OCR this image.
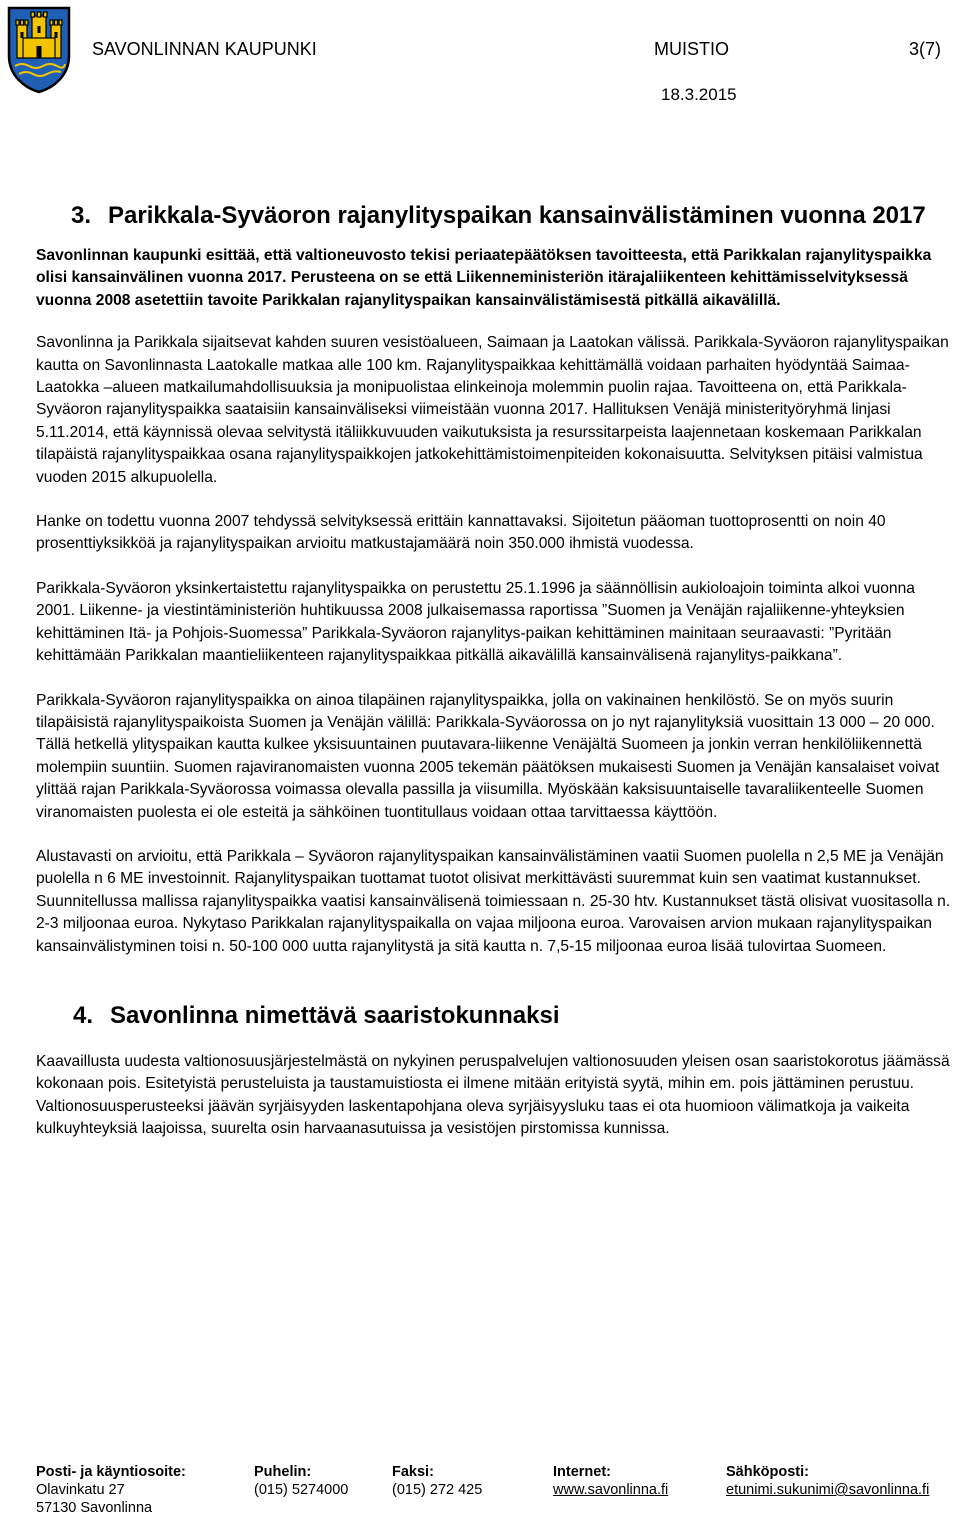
SAVONLINNAN KAUPUNKI	MUISTIO	3(7)
18.3.2015
3. Parikkala-Syväoron rajanylityspaikan kansainvälistäminen vuonna 2017

Savonlinnan kaupunki esittää, että valtioneuvosto tekisi periaatepäätöksen tavoitteesta, että Parikkalan rajanylityspaikka olisi kansainvälinen vuonna 2017. Perusteena on se että Liikenneministeriön itärajaliikenteen kehittämisselvityksessä vuonna 2008 asetettiin tavoite Parikkalan rajanylityspaikan kansainvälistämisestä pitkällä aikavälillä.

Savonlinna ja Parikkala sijaitsevat kahden suuren vesistöalueen, Saimaan ja Laatokan välissä. Parikkala-Syväoron rajanylityspaikan kautta on Savonlinnasta Laatokalle matkaa alle 100 km. Rajanylityspaikkaa kehittämällä voidaan parhaiten hyödyntää Saimaa-Laatokka –alueen matkailumahdollisuuksia ja monipuolistaa elinkeinoja molemmin puolin rajaa. Tavoitteena on, että Parikkala-Syväoron rajanylityspaikka saataisiin kansainväliseksi viimeistään vuonna 2017. Hallituksen Venäjä ministerityöryhmä linjasi 5.11.2014, että käynnissä olevaa selvitystä itäliikkuvuuden vaikutuksista ja resurssitarpeista laajennetaan koskemaan Parikkalan tilapäistä rajanylityspaikkaa osana rajanylityspaikkojen jatkokehittämistoimenpiteiden kokonaisuutta. Selvityksen pitäisi valmistua vuoden 2015 alkupuolella.

Hanke on todettu vuonna 2007 tehdyssä selvityksessä erittäin kannattavaksi. Sijoitetun pääoman tuottoprosentti on noin 40 prosenttiyksikköä ja rajanylityspaikan arvioitu matkustajamäärä noin 350.000 ihmistä vuodessa.

Parikkala-Syväoron yksinkertaistettu rajanylityspaikka on perustettu 25.1.1996 ja säännöllisin aukioloajoin toiminta alkoi vuonna 2001. Liikenne- ja viestintäministeriön huhtikuussa 2008 julkaisemassa raportissa ”Suomen ja Venäjän rajaliikenne-yhteyksien kehittäminen Itä- ja Pohjois-Suomessa” Parikkala-Syväoron rajanylitys-paikan kehittäminen mainitaan seuraavasti: ”Pyritään kehittämään Parikkalan maantieliikenteen rajanylityspaikkaa pitkällä aikavälillä kansainvälisenä rajanylitys-paikkana”.

Parikkala-Syväoron rajanylityspaikka on ainoa tilapäinen rajanylityspaikka, jolla on vakinainen henkilöstö. Se on myös suurin tilapäisistä rajanylityspaikoista Suomen ja Venäjän välillä: Parikkala-Syväorossa on jo nyt rajanylityksiä vuosittain 13 000 – 20 000. Tällä hetkellä ylityspaikan kautta kulkee yksisuuntainen puutavara-liikenne Venäjältä Suomeen ja jonkin verran henkilöliikennettä molempiin suuntiin. Suomen rajaviranomaisten vuonna 2005 tekemän päätöksen mukaisesti Suomen ja Venäjän kansalaiset voivat ylittää rajan Parikkala-Syväorossa voimassa olevalla passilla ja viisumilla. Myöskään kaksisuuntaiselle tavaraliikenteelle Suomen viranomaisten puolesta ei ole esteitä ja sähköinen tuontitullaus voidaan ottaa tarvittaessa käyttöön.

Alustavasti on arvioitu, että Parikkala – Syväoron rajanylityspaikan kansainvälistäminen vaatii Suomen puolella n 2,5 ME ja Venäjän puolella n 6 ME investoinnit. Rajanylityspaikan tuottamat tuotot olisivat merkittävästi suuremmat kuin sen vaatimat kustannukset. Suunnitellussa mallissa rajanylityspaikka vaatisi kansainvälisenä toimiessaan n. 25-30 htv. Kustannukset tästä olisivat vuositasolla n. 2-3 miljoonaa euroa. Nykytaso Parikkalan rajanylityspaikalla on vajaa miljoona euroa. Varovaisen arvion mukaan rajanylityspaikan kansainvälistyminen toisi n. 50-100 000 uutta rajanylitystä ja sitä kautta n. 7,5-15 miljoonaa euroa lisää tulovirtaa Suomeen.

4. Savonlinna nimettävä saaristokunnaksi

Kaavaillusta uudesta valtionosuusjärjestelmästä on nykyinen peruspalvelujen valtionosuuden yleisen osan saaristokorotus jäämässä kokonaan pois. Esitetyistä perusteluista ja taustamuistiosta ei ilmene mitään erityistä syytä, mihin em. pois jättäminen perustuu. Valtionosuusperusteeksi jäävän syrjäisyyden laskentapohjana oleva syrjäisyysluku taas ei ota huomioon välimatkoja ja vaikeita kulkuyhteyksiä laajoissa, suurelta osin harvaanasutuissa ja vesistöjen pirstomissa kunnissa.

Posti- ja käyntiosoite:
Olavinkatu 27
57130 Savonlinna
Puhelin:
(015) 5274000
Faksi:
(015) 272 425
Internet:
www.savonlinna.fi
Sähköposti:
etunimi.sukunimi@savonlinna.fi
